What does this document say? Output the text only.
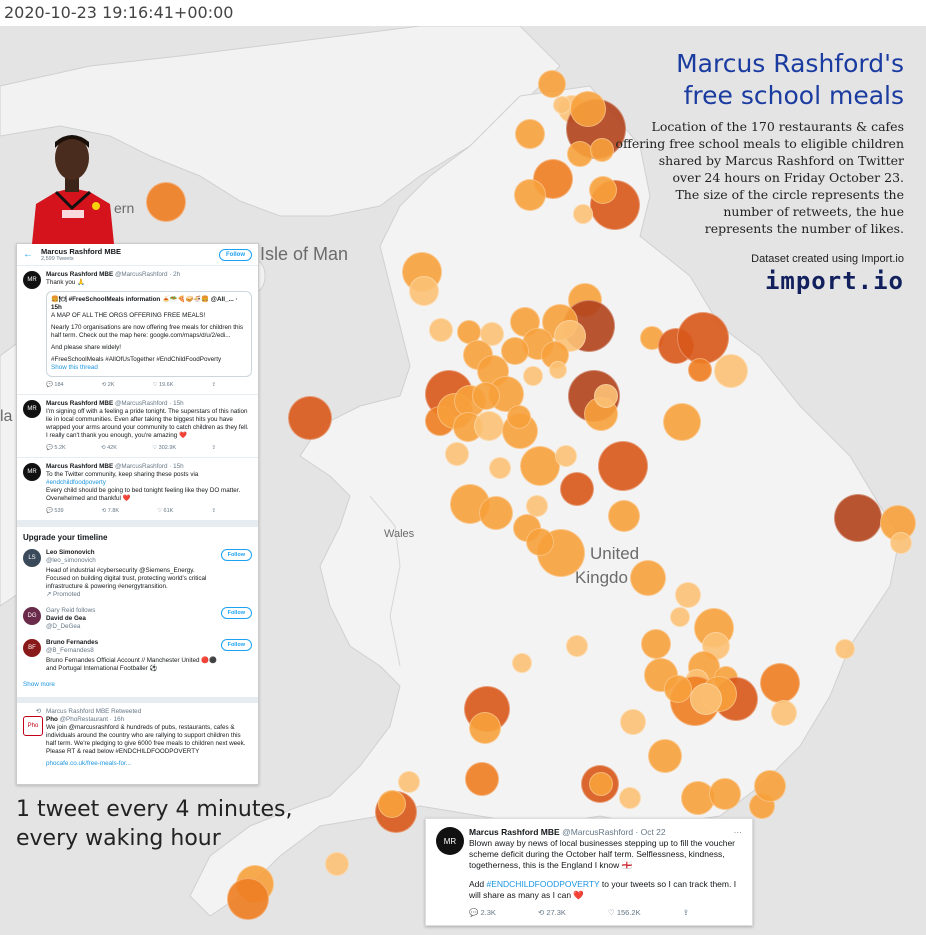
2020-10-23 19:16:41+00:00
Isle of Man
Wales
United
Kingdo
ern
la
Marcus Rashford's
free school meals
Location of the 170 restaurants & cafes
offering free school meals to eligible children
shared by Marcus Rashford on Twitter
over 24 hours on Friday October 23.
The size of the circle represents the
number of retweets, the hue
represents the number of likes.
Dataset created using Import.io
import.io
← Marcus Rashford MBE
2,599 Tweets
Follow
MR
Marcus Rashford MBE @MarcusRashford · 2h
Thank you 🙏
🍔🍽 #FreeSchoolMeals information 🍝🥗🍕🥪🍜🍔 @All_... · 15h
A MAP OF ALL THE ORGS OFFERING FREE MEALS!
Nearly 170 organisations are now offering free meals for children this half term. Check out the map here: google.com/maps/d/u/2/edi...
And please share widely!
#FreeSchoolMeals #AllOfUsTogether #EndChildFoodPoverty
Show this thread
💬 184	⟲ 2K	♡ 19.6K	⇪
MR
Marcus Rashford MBE @MarcusRashford · 15h
I'm signing off with a feeling a pride tonight. The superstars of this nation lie in local communities. Even after taking the biggest hits you have wrapped your arms around your community to catch children as they fell. I really can't thank you enough, you're amazing ❤️
💬 5.2K	⟲ 42K	♡ 302.9K	⇪
MR
Marcus Rashford MBE @MarcusRashford · 15h
To the Twitter community, keep sharing these posts via
#endchildfoodpoverty
Every child should be going to bed tonight feeling like they DO matter. Overwhelmed and thankful ❤️
💬 539	⟲ 7.8K	♡ 61K	⇪
Upgrade your timeline
LS
Leo Simonovich
@leo_simonovich
Head of industrial #cybersecurity @Siemens_Energy. Focused on building digital trust, protecting world's critical infrastructure & powering #energytransition.
↗ Promoted
Follow
DG
Gary Reid follows
David de Gea
@D_DeGea
Follow
BF
Bruno Fernandes
@B_Fernandes8
Bruno Fernandes Official Account // Manchester United 🔴⚫ and Portugal International Footballer ⚽
Follow
Show more
⟲
Pho
Marcus Rashford MBE Retweeted
Pho @PhoRestaurant · 16h
We join @marcusrashford & hundreds of pubs, restaurants, cafes & individuals around the country who are rallying to support children this half term. We're pledging to give 6000 free meals to children next week. Please RT & read below #ENDCHILDFOODPOVERTY
phocafe.co.uk/free-meals-for...
1 tweet every 4 minutes,
every waking hour	MR
Marcus Rashford MBE
@MarcusRashford · Oct 22	···
Blown away by news of local businesses stepping up to fill the voucher scheme deficit during the October half term. Selflessness, kindness, togetherness, this is the England I know 🏴󠁧󠁢󠁥󠁮󠁧󠁿
Add #ENDCHILDFOODPOVERTY to your tweets so I can track them. I will share as many as I can ❤️
💬 2.3K	⟲ 27.3K	♡ 156.2K	⇪
